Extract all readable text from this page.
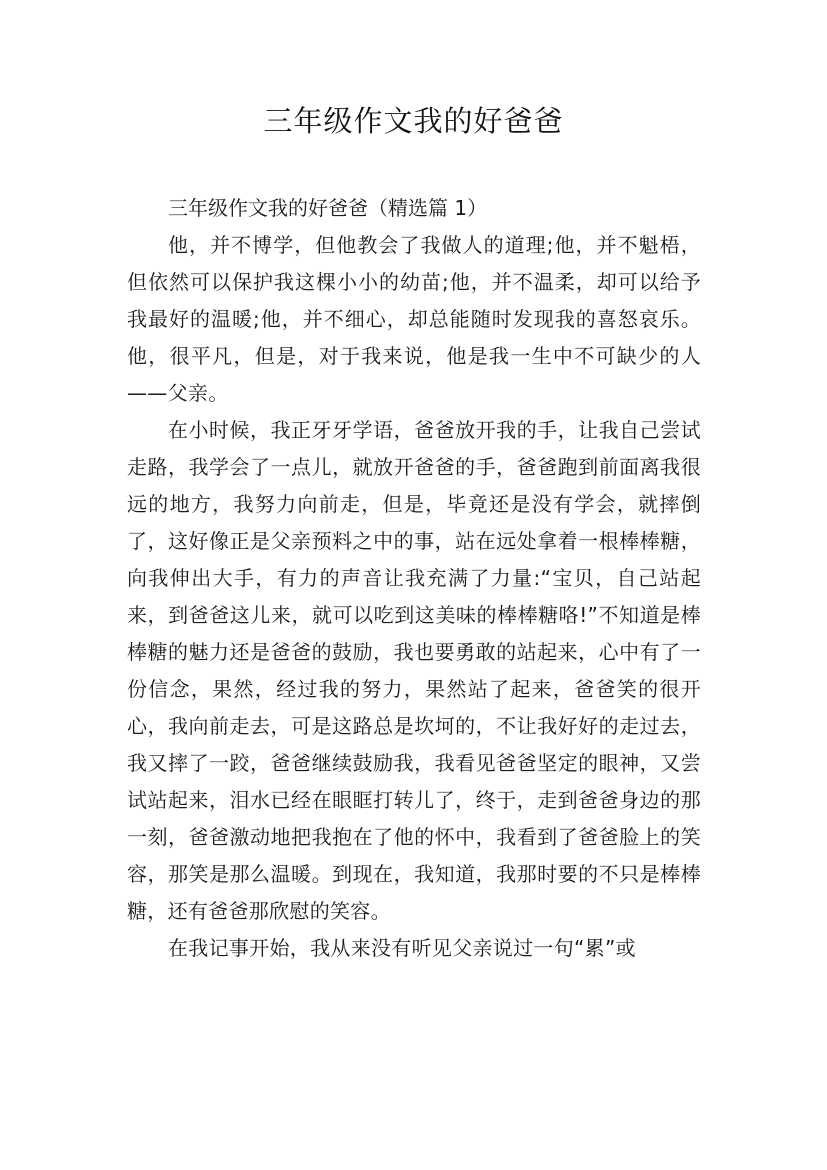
三年级作文我的好爸爸

三年级作文我的好爸爸（精选篇 1）

他，并不博学，但他教会了我做人的道理;他，并不魁梧，但依然可以保护我这棵小小的幼苗;他，并不温柔，却可以给予我最好的温暖;他，并不细心，却总能随时发现我的喜怒哀乐。他，很平凡，但是，对于我来说，他是我一生中不可缺少的人——父亲。

在小时候，我正牙牙学语，爸爸放开我的手，让我自己尝试走路，我学会了一点儿，就放开爸爸的手，爸爸跑到前面离我很远的地方，我努力向前走，但是，毕竟还是没有学会，就摔倒了，这好像正是父亲预料之中的事，站在远处拿着一根棒棒糖，向我伸出大手，有力的声音让我充满了力量:“宝贝，自己站起来，到爸爸这儿来，就可以吃到这美味的棒棒糖咯!”不知道是棒棒糖的魅力还是爸爸的鼓励，我也要勇敢的站起来，心中有了一份信念，果然，经过我的努力，果然站了起来，爸爸笑的很开心，我向前走去，可是这路总是坎坷的，不让我好好的走过去，我又摔了一跤，爸爸继续鼓励我，我看见爸爸坚定的眼神，又尝试站起来，泪水已经在眼眶打转儿了，终于，走到爸爸身边的那一刻，爸爸激动地把我抱在了他的怀中，我看到了爸爸脸上的笑容，那笑是那么温暖。到现在，我知道，我那时要的不只是棒棒糖，还有爸爸那欣慰的笑容。

在我记事开始，我从来没有听见父亲说过一句“累”或
